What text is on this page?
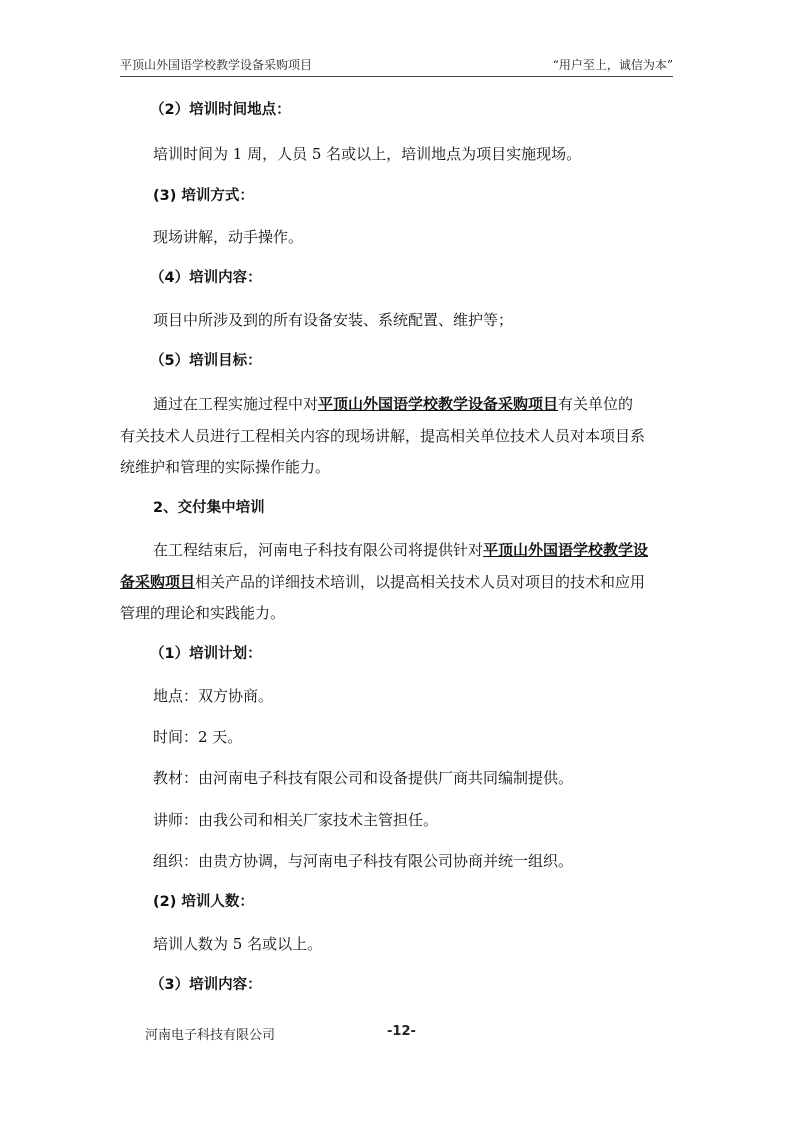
平顶山外国语学校教学设备采购项目	“用户至上，诚信为本”
（2）培训时间地点：
培训时间为 1 周，人员 5 名或以上，培训地点为项目实施现场。
(3) 培训方式：
现场讲解，动手操作。
（4）培训内容：
项目中所涉及到的所有设备安装、系统配置、维护等；
（5）培训目标：
通过在工程实施过程中对平顶山外国语学校教学设备采购项目有关单位的
有关技术人员进行工程相关内容的现场讲解，提高相关单位技术人员对本项目系
统维护和管理的实际操作能力。
2、交付集中培训
在工程结束后，河南电子科技有限公司将提供针对平顶山外国语学校教学设
备采购项目相关产品的详细技术培训，以提高相关技术人员对项目的技术和应用
管理的理论和实践能力。
（1）培训计划：
地点：双方协商。
时间：2 天。
教材：由河南电子科技有限公司和设备提供厂商共同编制提供。
讲师：由我公司和相关厂家技术主管担任。
组织：由贵方协调，与河南电子科技有限公司协商并统一组织。
(2) 培训人数：
培训人数为 5 名或以上。
（3）培训内容：
河南电子科技有限公司	-12-
